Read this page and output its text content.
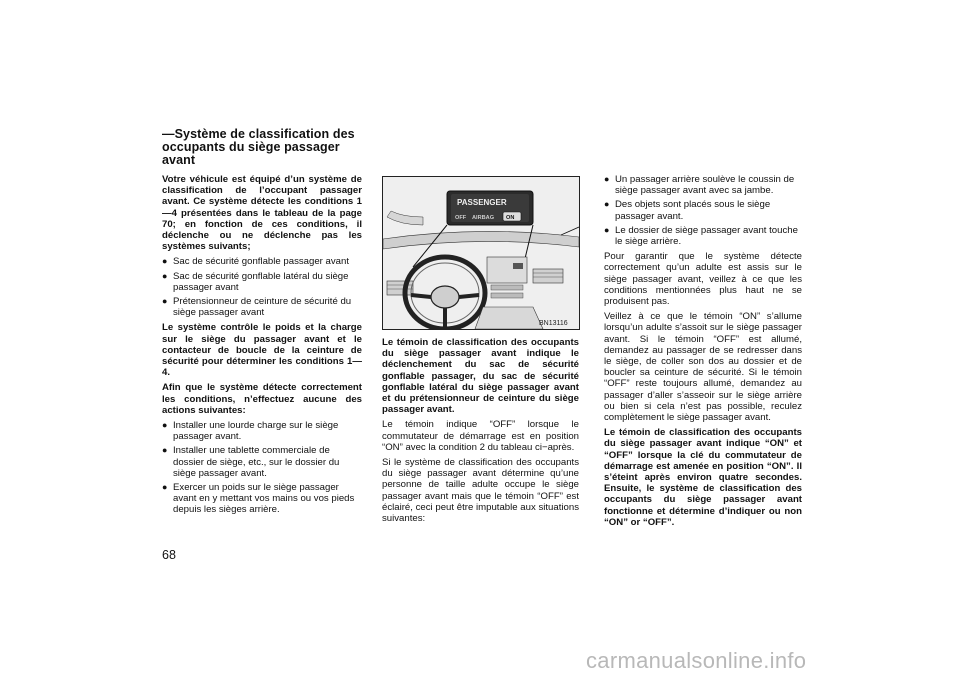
—Système de classification des occupants du siège passager avant

Votre véhicule est équipé d’un système de classification de l’occupant passager avant. Ce système détecte les conditions 1—4 présentées dans le tableau de la page 70; en fonction de ces conditions, il déclenche ou ne déclenche pas les systèmes suivants;

● Sac de sécurité gonflable passager avant
● Sac de sécurité gonflable latéral du siège passager avant
● Prétensionneur de ceinture de sécurité du siège passager avant

Le système contrôle le poids et la charge sur le siège du passager avant et le contacteur de boucle de la ceinture de sécurité pour déterminer les conditions 1—4.

Afin que le système détecte correctement les conditions, n’effectuez aucune des actions suivantes:

● Installer une lourde charge sur le siège passager avant.
● Installer une tablette commerciale de dossier de siège, etc., sur le dossier du siège passager avant.
● Exercer un poids sur le siège passager avant en y mettant vos mains ou vos pieds depuis les sièges arrière.
PASSENGER
OFF AIRBAG ON
BN13116

Le témoin de classification des occupants du siège passager avant indique le déclenchement du sac de sécurité gonflable passager, du sac de sécurité gonflable latéral du siège passager avant et du prétensionneur de ceinture du siège passager avant.

Le témoin indique “OFF” lorsque le commutateur de démarrage est en position “ON” avec la condition 2 du tableau ci−après.

Si le système de classification des occupants du siège passager avant détermine qu’une personne de taille adulte occupe le siège passager avant mais que le témoin “OFF” est éclairé, ceci peut être imputable aux situations suivantes:

● Un passager arrière soulève le coussin de siège passager avant avec sa jambe.
● Des objets sont placés sous le siège passager avant.
● Le dossier de siège passager avant touche le siège arrière.

Pour garantir que le système détecte correctement qu’un adulte est assis sur le siège passager avant, veillez à ce que les conditions mentionnées plus haut ne se produisent pas.

Veillez à ce que le témoin “ON” s’allume lorsqu’un adulte s’assoit sur le siège passager avant. Si le témoin “OFF” est allumé, demandez au passager de se redresser dans le siège, de coller son dos au dossier et de boucler sa ceinture de sécurité. Si le témoin “OFF” reste toujours allumé, demandez au passager d’aller s’asseoir sur le siège arrière ou bien si cela n’est pas possible, reculez complètement le siège passager avant.

Le témoin de classification des occupants du siège passager avant indique “ON” et “OFF” lorsque la clé du commutateur de démarrage est amenée en position “ON”. Il s’éteint après environ quatre secondes. Ensuite, le système de classification des occupants du siège passager avant fonctionne et détermine d’indiquer ou non “ON” or “OFF”.

68
carmanualsonline.info
